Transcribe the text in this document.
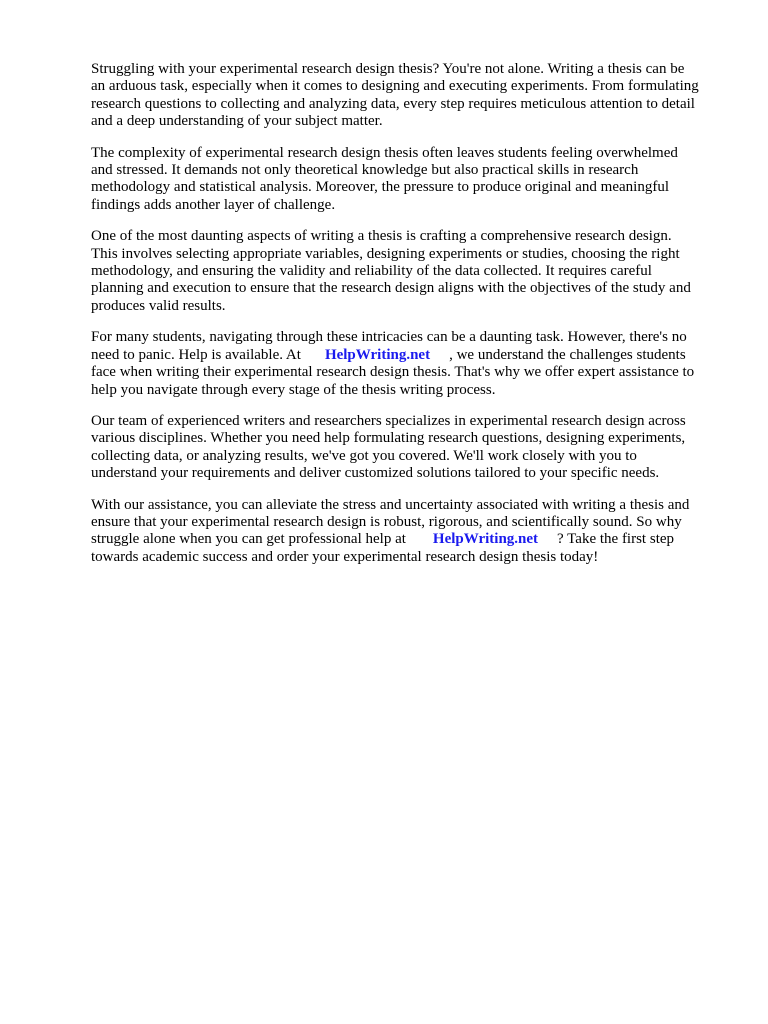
Struggling with your experimental research design thesis? You're not alone. Writing a thesis can be
an arduous task, especially when it comes to designing and executing experiments. From formulating
research questions to collecting and analyzing data, every step requires meticulous attention to detail
and a deep understanding of your subject matter.

The complexity of experimental research design thesis often leaves students feeling overwhelmed
and stressed. It demands not only theoretical knowledge but also practical skills in research
methodology and statistical analysis. Moreover, the pressure to produce original and meaningful
findings adds another layer of challenge.

One of the most daunting aspects of writing a thesis is crafting a comprehensive research design.
This involves selecting appropriate variables, designing experiments or studies, choosing the right
methodology, and ensuring the validity and reliability of the data collected. It requires careful
planning and execution to ensure that the research design aligns with the objectives of the study and
produces valid results.

For many students, navigating through these intricacies can be a daunting task. However, there's no
need to panic. Help is available. At HelpWriting.net , we understand the challenges students
face when writing their experimental research design thesis. That's why we offer expert assistance to
help you navigate through every stage of the thesis writing process.

Our team of experienced writers and researchers specializes in experimental research design across
various disciplines. Whether you need help formulating research questions, designing experiments,
collecting data, or analyzing results, we've got you covered. We'll work closely with you to
understand your requirements and deliver customized solutions tailored to your specific needs.

With our assistance, you can alleviate the stress and uncertainty associated with writing a thesis and
ensure that your experimental research design is robust, rigorous, and scientifically sound. So why
struggle alone when you can get professional help at HelpWriting.net ? Take the first step
towards academic success and order your experimental research design thesis today!
